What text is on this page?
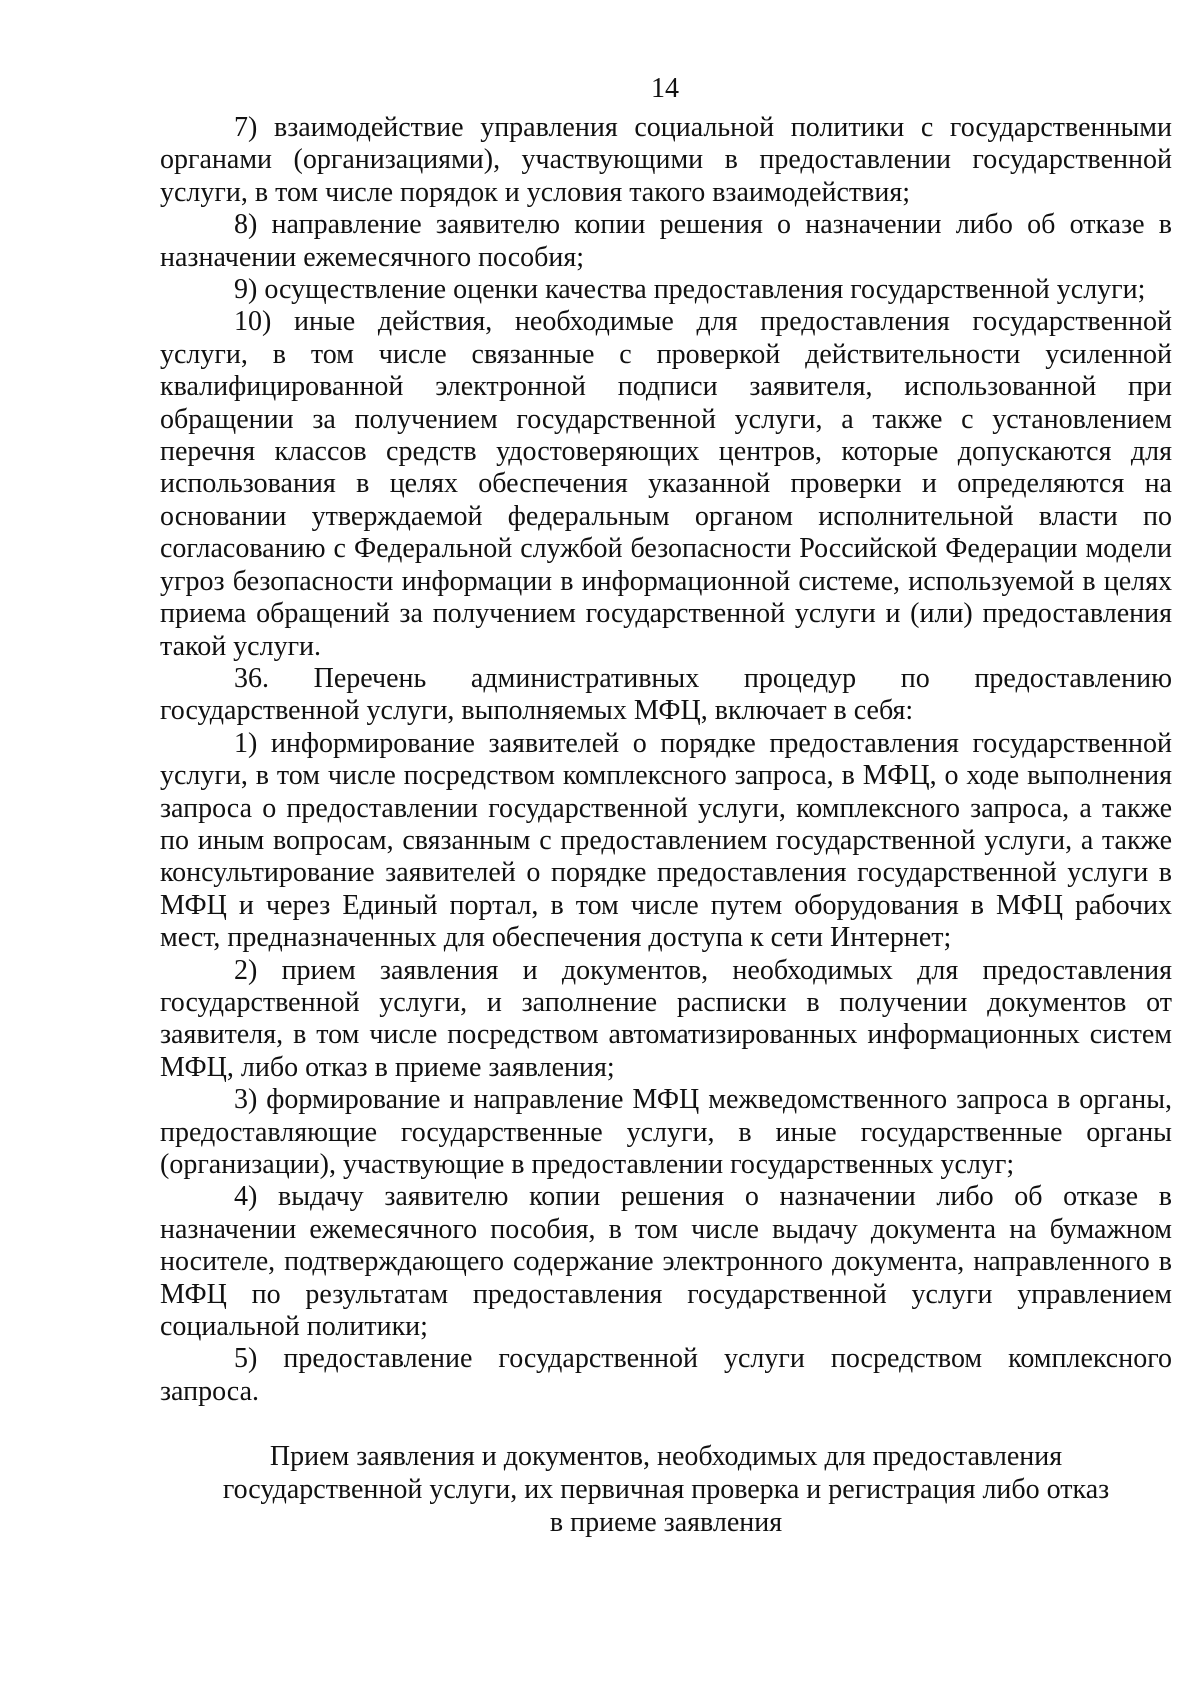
14

7) взаимодействие управления социальной политики с государственными органами (организациями), участвующими в предоставлении государственной услуги, в том числе порядок и условия такого взаимодействия;

8) направление заявителю копии решения о назначении либо об отказе в назначении ежемесячного пособия;

9) осуществление оценки качества предоставления государственной услуги;

10) иные действия, необходимые для предоставления государственной услуги, в том числе связанные с проверкой действительности усиленной квалифицированной электронной подписи заявителя, использованной при обращении за получением государственной услуги, а также с установлением перечня классов средств удостоверяющих центров, которые допускаются для использования в целях обеспечения указанной проверки и определяются на основании утверждаемой федеральным органом исполнительной власти по согласованию с Федеральной службой безопасности Российской Федерации модели угроз безопасности информации в информационной системе, используемой в целях приема обращений за получением государственной услуги и (или) предоставления такой услуги.

36. Перечень административных процедур по предоставлению государственной услуги, выполняемых МФЦ, включает в себя:

1) информирование заявителей о порядке предоставления государственной услуги, в том числе посредством комплексного запроса, в МФЦ, о ходе выполнения запроса о предоставлении государственной услуги, комплексного запроса, а также по иным вопросам, связанным с предоставлением государственной услуги, а также консультирование заявителей о порядке предоставления государственной услуги в МФЦ и через Единый портал, в том числе путем оборудования в МФЦ рабочих мест, предназначенных для обеспечения доступа к сети Интернет;

2) прием заявления и документов, необходимых для предоставления государственной услуги, и заполнение расписки в получении документов от заявителя, в том числе посредством автоматизированных информационных систем МФЦ, либо отказ в приеме заявления;

3) формирование и направление МФЦ межведомственного запроса в органы, предоставляющие государственные услуги, в иные государственные органы (организации), участвующие в предоставлении государственных услуг;

4) выдачу заявителю копии решения о назначении либо об отказе в назначении ежемесячного пособия, в том числе выдачу документа на бумажном носителе, подтверждающего содержание электронного документа, направленного в МФЦ по результатам предоставления государственной услуги управлением социальной политики;

5) предоставление государственной услуги посредством комплексного запроса.

Прием заявления и документов, необходимых для предоставления
государственной услуги, их первичная проверка и регистрация либо отказ
в приеме заявления
